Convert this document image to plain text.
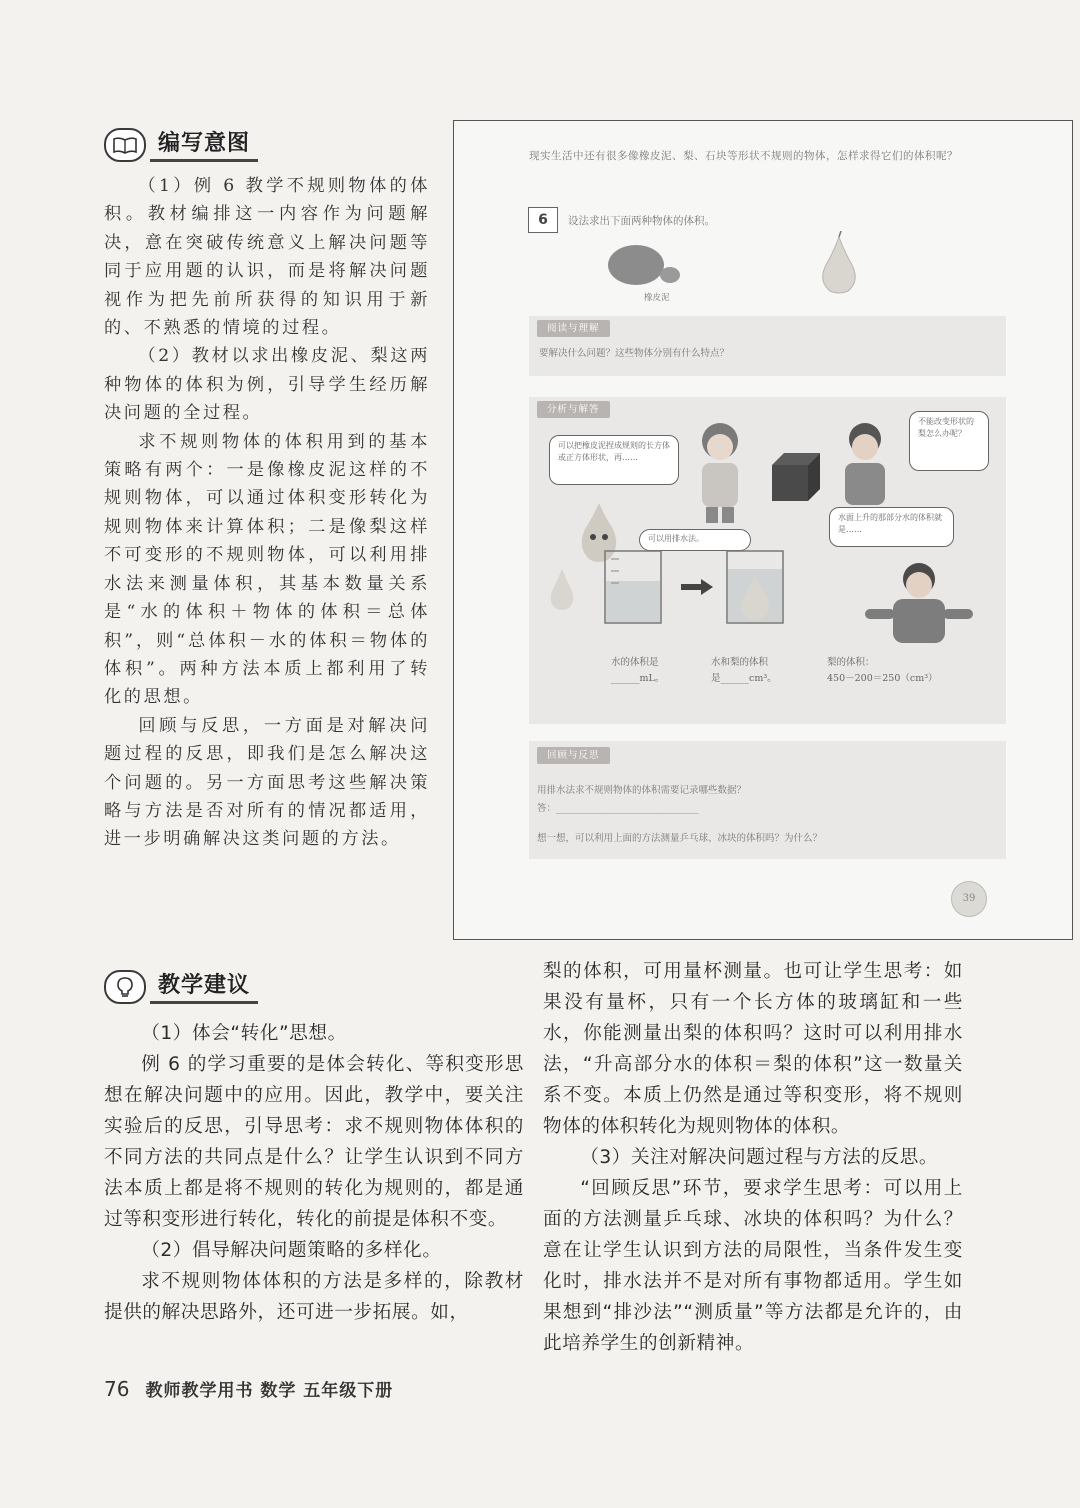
编写意图

（1）例 6 教学不规则物体的体积。教材编排这一内容作为问题解决，意在突破传统意义上解决问题等同于应用题的认识，而是将解决问题视作为把先前所获得的知识用于新的、不熟悉的情境的过程。

（2）教材以求出橡皮泥、梨这两种物体的体积为例，引导学生经历解决问题的全过程。

求不规则物体的体积用到的基本策略有两个：一是像橡皮泥这样的不规则物体，可以通过体积变形转化为规则物体来计算体积；二是像梨这样不可变形的不规则物体，可以利用排水法来测量体积，其基本数量关系是“水的体积＋物体的体积＝总体积”，则“总体积－水的体积＝物体的体积”。两种方法本质上都利用了转化的思想。

回顾与反思，一方面是对解决问题过程的反思，即我们是怎么解决这个问题的。另一方面思考这些解决策略与方法是否对所有的情况都适用，进一步明确解决这类问题的方法。

现实生活中还有很多像橡皮泥、梨、石块等形状不规则的物体，怎样求得它们的体积呢？
6	设法求出下面两种物体的体积。
橡皮泥
阅读与理解
要解决什么问题？这些物体分别有什么特点？
分析与解答
可以把橡皮泥捏成规则的长方体或正方体形状，再……
不能改变形状的梨怎么办呢？
可以用排水法。
水面上升的那部分水的体积就是……
水的体积是
______mL。
水和梨的体积
是______cm³。
梨的体积：
450－200＝250（cm³）
回顾与反思
用排水法求不规则物体的体积需要记录哪些数据？
答：______________________________
想一想，可以利用上面的方法测量乒乓球、冰块的体积吗？为什么？
39
教学建议

（1）体会“转化”思想。

例 6 的学习重要的是体会转化、等积变形思想在解决问题中的应用。因此，教学中，要关注实验后的反思，引导思考：求不规则物体体积的不同方法的共同点是什么？让学生认识到不同方法本质上都是将不规则的转化为规则的，都是通过等积变形进行转化，转化的前提是体积不变。

（2）倡导解决问题策略的多样化。

求不规则物体体积的方法是多样的，除教材提供的解决思路外，还可进一步拓展。如，

梨的体积，可用量杯测量。也可让学生思考：如果没有量杯，只有一个长方体的玻璃缸和一些水，你能测量出梨的体积吗？这时可以利用排水法，“升高部分水的体积＝梨的体积”这一数量关系不变。本质上仍然是通过等积变形，将不规则物体的体积转化为规则物体的体积。

（3）关注对解决问题过程与方法的反思。

“回顾反思”环节，要求学生思考：可以用上面的方法测量乒乓球、冰块的体积吗？为什么？意在让学生认识到方法的局限性，当条件发生变化时，排水法并不是对所有事物都适用。学生如果想到“排沙法”“测质量”等方法都是允许的，由此培养学生的创新精神。

76 教师教学用书 数学 五年级下册
